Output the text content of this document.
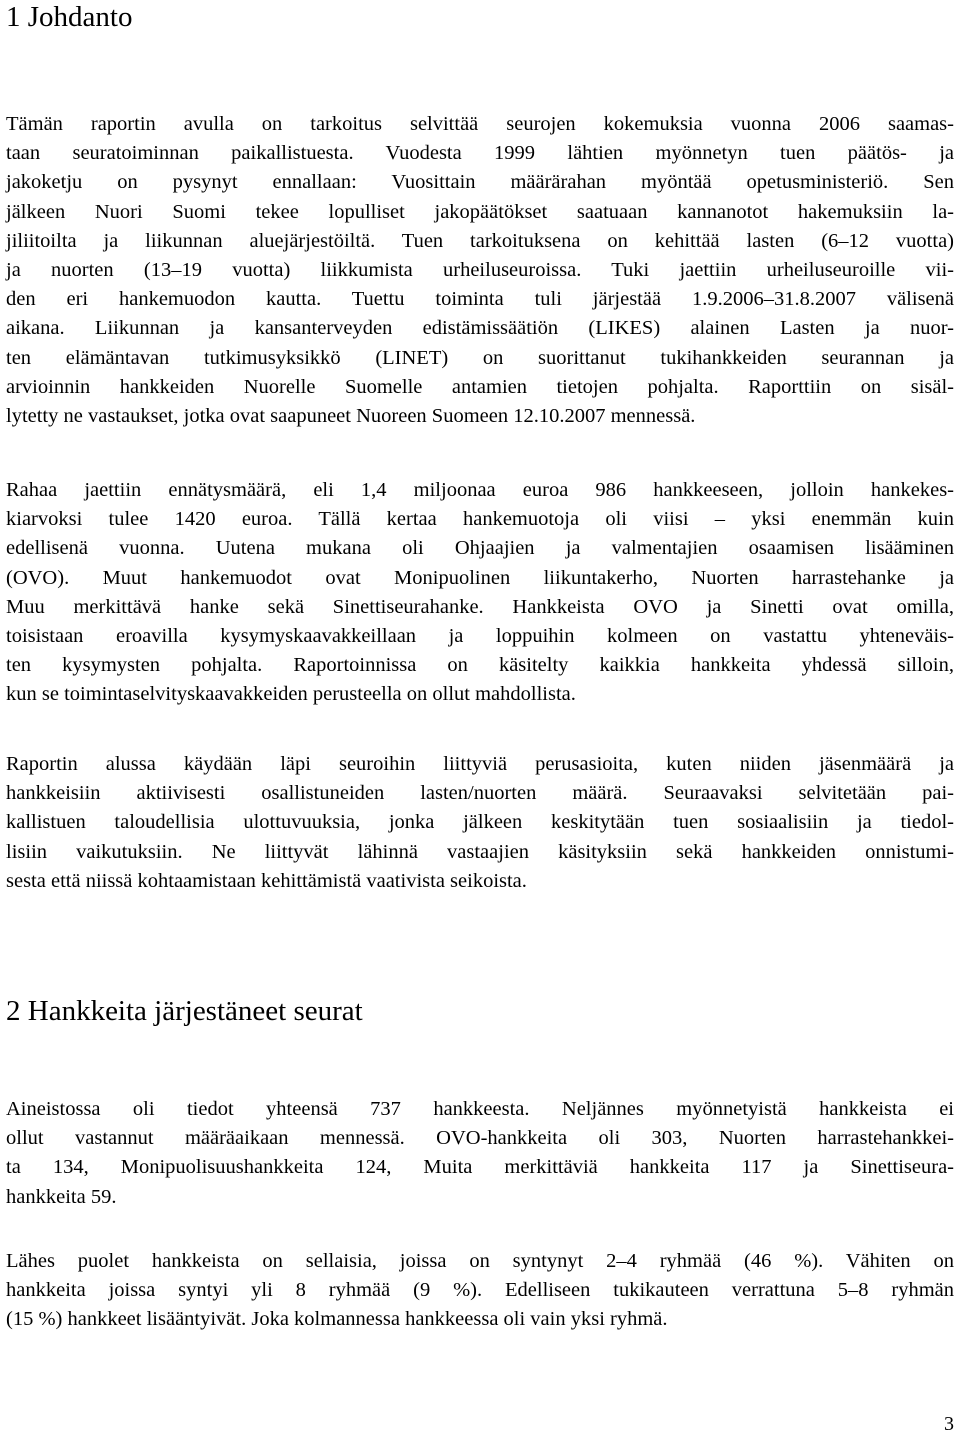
1 Johdanto

Tämän raportin avulla on tarkoitus selvittää seurojen kokemuksia vuonna 2006 saamas-
taan seuratoiminnan paikallistuesta. Vuodesta 1999 lähtien myönnetyn tuen päätös- ja
jakoketju on pysynyt ennallaan: Vuosittain määrärahan myöntää opetusministeriö. Sen
jälkeen Nuori Suomi tekee lopulliset jakopäätökset saatuaan kannanotot hakemuksiin la-
jiliitoilta ja liikunnan aluejärjestöiltä. Tuen tarkoituksena on kehittää lasten (6–12 vuotta)
ja nuorten (13–19 vuotta) liikkumista urheiluseuroissa. Tuki jaettiin urheiluseuroille vii-
den eri hankemuodon kautta. Tuettu toiminta tuli järjestää 1.9.2006–31.8.2007 välisenä
aikana. Liikunnan ja kansanterveyden edistämissäätiön (LIKES) alainen Lasten ja nuor-
ten elämäntavan tutkimusyksikkö (LINET) on suorittanut tukihankkeiden seurannan ja
arvioinnin hankkeiden Nuorelle Suomelle antamien tietojen pohjalta. Raporttiin on sisäl-
lytetty ne vastaukset, jotka ovat saapuneet Nuoreen Suomeen 12.10.2007 mennessä.

Rahaa jaettiin ennätysmäärä, eli 1,4 miljoonaa euroa 986 hankkeeseen, jolloin hankekes-
kiarvoksi tulee 1420 euroa. Tällä kertaa hankemuotoja oli viisi – yksi enemmän kuin
edellisenä vuonna. Uutena mukana oli Ohjaajien ja valmentajien osaamisen lisääminen
(OVO). Muut hankemuodot ovat Monipuolinen liikuntakerho, Nuorten harrastehanke ja
Muu merkittävä hanke sekä Sinettiseurahanke. Hankkeista OVO ja Sinetti ovat omilla,
toisistaan eroavilla kysymyskaavakkeillaan ja loppuihin kolmeen on vastattu yhteneväis-
ten kysymysten pohjalta. Raportoinnissa on käsitelty kaikkia hankkeita yhdessä silloin,
kun se toimintaselvityskaavakkeiden perusteella on ollut mahdollista.

Raportin alussa käydään läpi seuroihin liittyviä perusasioita, kuten niiden jäsenmäärä ja
hankkeisiin aktiivisesti osallistuneiden lasten/nuorten määrä. Seuraavaksi selvitetään pai-
kallistuen taloudellisia ulottuvuuksia, jonka jälkeen keskitytään tuen sosiaalisiin ja tiedol-
lisiin vaikutuksiin. Ne liittyvät lähinnä vastaajien käsityksiin sekä hankkeiden onnistumi-
sesta että niissä kohtaamistaan kehittämistä vaativista seikoista.

2 Hankkeita järjestäneet seurat

Aineistossa oli tiedot yhteensä 737 hankkeesta. Neljännes myönnetyistä hankkeista ei
ollut vastannut määräaikaan mennessä. OVO-hankkeita oli 303, Nuorten harrastehankkei-
ta 134, Monipuolisuushankkeita 124, Muita merkittäviä hankkeita 117 ja Sinettiseura-
hankkeita 59.

Lähes puolet hankkeista on sellaisia, joissa on syntynyt 2–4 ryhmää (46 %). Vähiten on
hankkeita joissa syntyi yli 8 ryhmää (9 %). Edelliseen tukikauteen verrattuna 5–8 ryhmän
(15 %) hankkeet lisääntyivät. Joka kolmannessa hankkeessa oli vain yksi ryhmä.

3
